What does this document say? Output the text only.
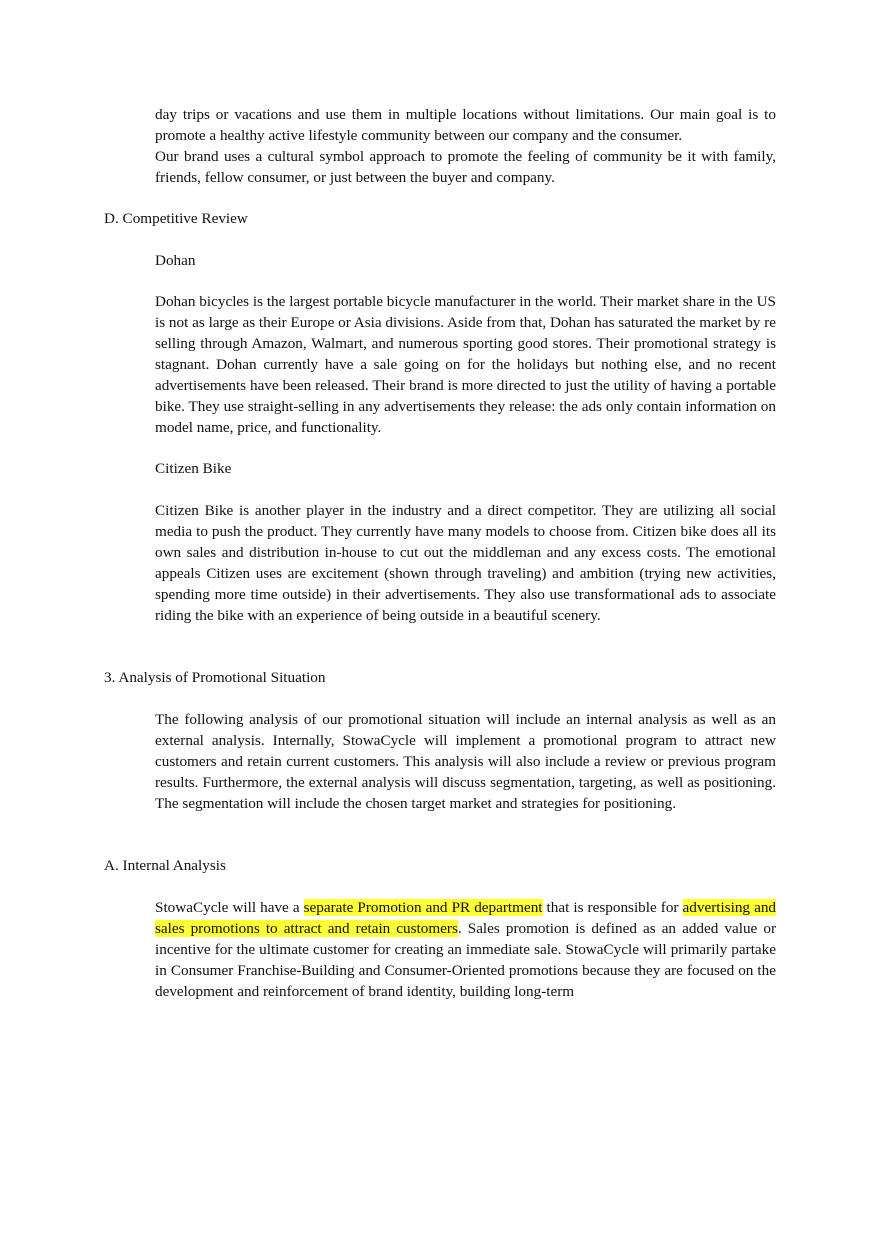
day trips or vacations and use them in multiple locations without limitations. Our main goal is to promote a healthy active lifestyle community between our company and the consumer.
Our brand uses a cultural symbol approach to promote the feeling of community be it with family, friends, fellow consumer, or just between the buyer and company.

D. Competitive Review

Dohan

Dohan bicycles is the largest portable bicycle manufacturer in the world. Their market share in the US is not as large as their Europe or Asia divisions. Aside from that, Dohan has saturated the market by re selling through Amazon, Walmart, and numerous sporting good stores. Their promotional strategy is stagnant. Dohan currently have a sale going on for the holidays but nothing else, and no recent advertisements have been released. Their brand is more directed to just the utility of having a portable bike. They use straight-selling in any advertisements they release: the ads only contain information on model name, price, and functionality.

Citizen Bike

Citizen Bike is another player in the industry and a direct competitor. They are utilizing all social media to push the product. They currently have many models to choose from. Citizen bike does all its own sales and distribution in-house to cut out the middleman and any excess costs. The emotional appeals Citizen uses are excitement (shown through traveling) and ambition (trying new activities, spending more time outside) in their advertisements. They also use transformational ads to associate riding the bike with an experience of being outside in a beautiful scenery.

3. Analysis of Promotional Situation

The following analysis of our promotional situation will include an internal analysis as well as an external analysis. Internally, StowaCycle will implement a promotional program to attract new customers and retain current customers. This analysis will also include a review or previous program results. Furthermore, the external analysis will discuss segmentation, targeting, as well as positioning. The segmentation will include the chosen target market and strategies for positioning.

A. Internal Analysis

StowaCycle will have a separate Promotion and PR department that is responsible for advertising and sales promotions to attract and retain customers. Sales promotion is defined as an added value or incentive for the ultimate customer for creating an immediate sale. StowaCycle will primarily partake in Consumer Franchise-Building and Consumer-Oriented promotions because they are focused on the development and reinforcement of brand identity, building long-term
